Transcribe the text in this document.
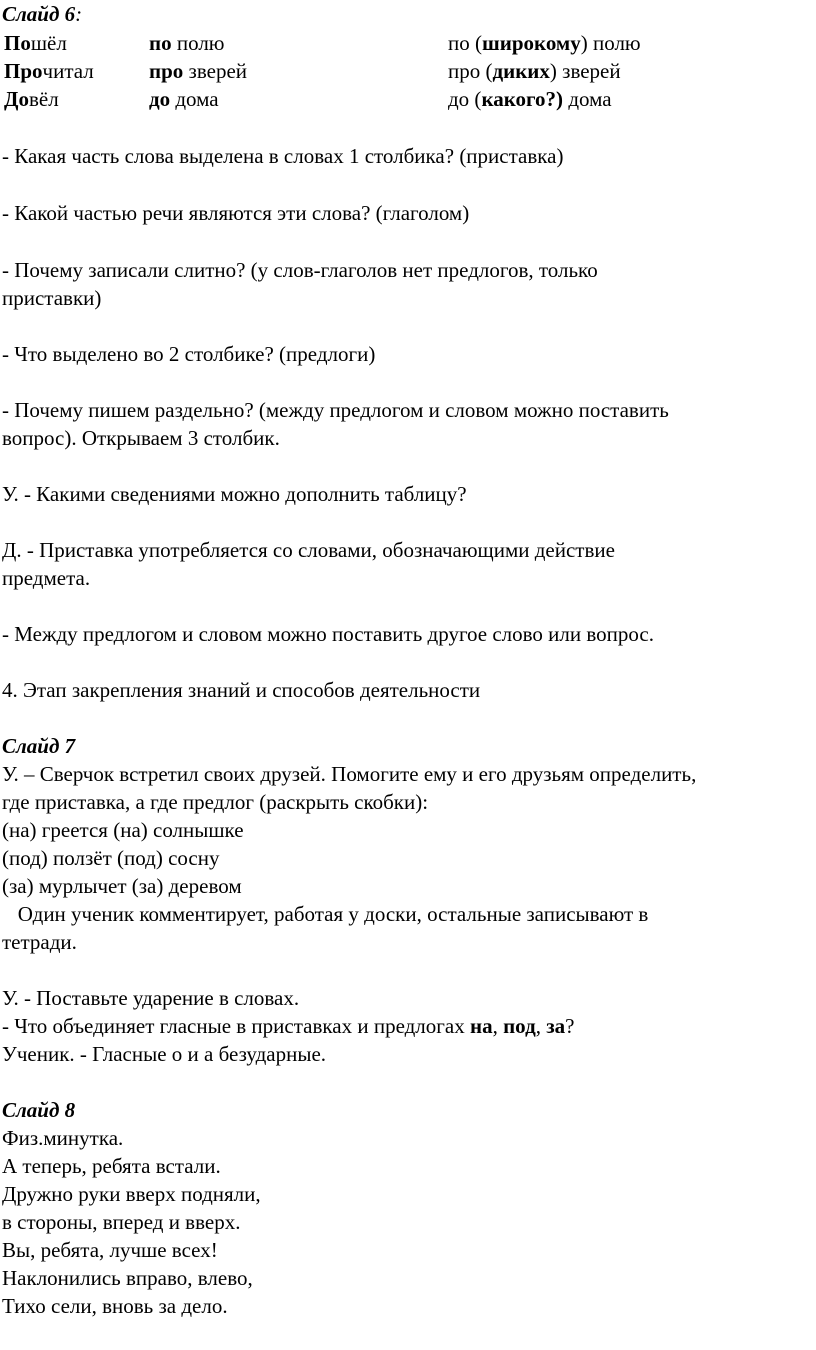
Слайд 6:
Пошёл	по полю	по (широкому) полю
Прочитал	про зверей	про (диких) зверей
Довёл	до дома	до (какого?) дома
- Какая часть слова выделена в словах 1 столбика? (приставка)
- Какой частью речи являются эти слова? (глаголом)
- Почему записали слитно? (у слов-глаголов нет предлогов, только
приставки)
- Что выделено во 2 столбике? (предлоги)
- Почему пишем раздельно? (между предлогом и словом можно поставить
вопрос). Открываем 3 столбик.
У. - Какими сведениями можно дополнить таблицу?
Д. - Приставка употребляется со словами, обозначающими действие
предмета.
- Между предлогом и словом можно поставить другое слово или вопрос.
4. Этап закрепления знаний и способов деятельности
Слайд 7
У. – Сверчок встретил своих друзей. Помогите ему и его друзьям определить,
где приставка, а где предлог (раскрыть скобки):
(на) греется (на) солнышке
(под) ползёт (под) сосну
(за) мурлычет (за) деревом
Один ученик комментирует, работая у доски, остальные записывают в
тетради.
У. - Поставьте ударение в словах.
- Что объединяет гласные в приставках и предлогах на, под, за?
Ученик. - Гласные о и а безударные.
Слайд 8
Физ.минутка.
А теперь, ребята встали.
Дружно руки вверх подняли,
в стороны, вперед и вверх.
Вы, ребята, лучше всех!
Наклонились вправо, влево,
Тихо сели, вновь за дело.
